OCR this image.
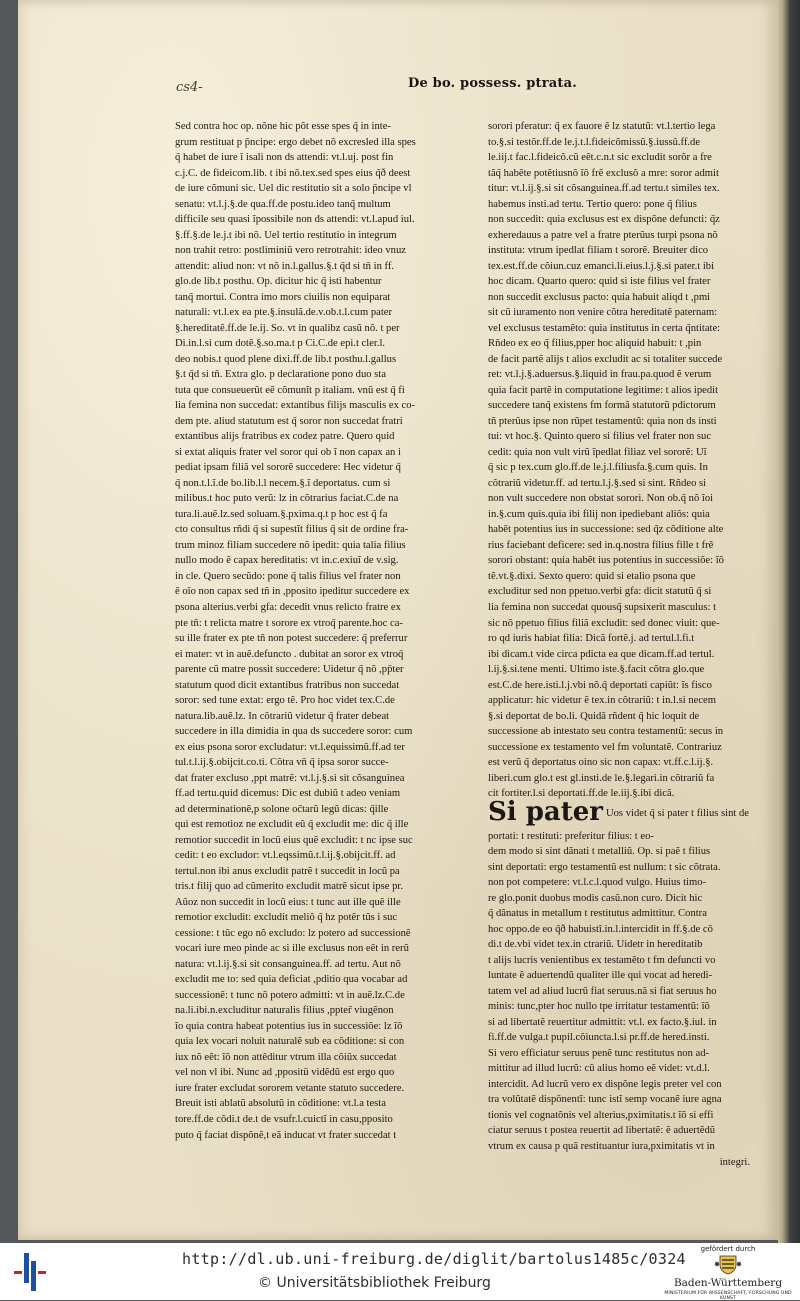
cs4-	De bo. possess. ptrata.

Sed contra hoc op. nõne hic põt esse spes q̃ in inte-

grum restituat p p̃ncipe: ergo debet nõ excresled illa spes

q̃ habet de iure ĩ isali non ds attendi: vt.l.uj. post fin

c.j.C. de fideicom.lib. t ibi nõ.tex.sed spes eius q̃ð deest

de iure cõmuni sic. Uel dic restitutio sit a solo p̃ncipe vl

senatu: vt.l.j.§.de qua.ff.de postu.ideo tanq̃ multum

difficile seu quasi ĩpossibile non ds attendi: vt.l.apud iul.

§.ff.§.de le.j.t ibi nõ. Uel tertio restitutio in integrum

non trahit retro: postliminiũ vero retrotrahit: ideo vnuz

attendit: aliud non: vt nõ in.l.gallus.§.t q̃d si tñ in ff.

glo.de lib.t posthu. Op. dicitur hic q̃ isti habentur

tanq̃ mortui. Contra imo mors ciuilis non equiparat

naturali: vt.l.ex ea pte.§.insulã.de.v.ob.t.l.cum pater

§.hereditatẽ.ff.de le.ij. So. vt in qualibz casũ nõ. t per

Di.in.l.si cum dotẽ.§.so.ma.t p Ci.C.de epi.t cler.l.

deo nobis.t quod plene dixi.ff.de lib.t posthu.l.gallus

§.t q̃d si tñ. Extra glo. p declaratione pono duo sta

tuta que consueuerũt eẽ cõmunĩt p italiam. vnũ est q̃ fi

lia femina non succedat: extantibus filijs masculis ex co-

dem pte. aliud statutum est q̃ soror non succedat fratri

extantibus alijs fratribus ex codez patre. Quero quid

si extat aliquis frater vel soror qui ob ĩ non capax an i

pediat ipsam filiã vel sororẽ succedere: Hec videtur q̃

q̃ non.t.l.ĩ.de bo.lib.l.l necem.§.ĩ deportatus. cum si

milibus.t hoc puto verũ: lz in cõtrarius faciat.C.de na

tura.li.auẽ.lz.sed soluam.§.pxima.q.t p hoc est q̃ fa

cto consultus rñdi q̃ si supestĩt filius q̃ sit de ordine fra-

trum minoz filiam succedere nõ ipedit: quia talia filius

nullo modo ẽ capax hereditatis: vt in.c.exiuĩ de v.sig.

in cle. Quero secũdo: pone q̃ talis filius vel frater non

ẽ oĩo non capax sed tñ in ,pposito ipeditur succedere ex

psona alterius.verbi gfa: decedit vnus relicto fratre ex

pte tñ: t relicta matre t sorore ex vtroq̃ parente.hoc ca-

su ille frater ex pte tñ non potest succedere: q̃ preferrur

ei mater: vt in auẽ.defuncto . dubitat an soror ex vtroq̃

parente cũ matre possit succedere: Uidetur q̃ nõ ,pp̃ter

statutum quod dicit extantibus fratribus non succedat

soror: sed tune extat: ergo tẽ. Pro hoc videt tex.C.de

natura.lib.auẽ.lz. In cõtrariũ videtur q̃ frater debeat

succedere in illa dimidia in qua ds succedere soror: cum

ex eius psona soror excludatur: vt.l.equissimũ.ff.ad ter

tul.t.l.ij.§.obijcit.co.ti. Cõtra vñ q̃ ipsa soror succe-

dat frater excluso ,ppt matrẽ: vt.l.j.§.si sit cõsanguinea

ff.ad tertu.quid dicemus: Dic est dubiũ t adeo veniam

ad determinationẽ,p solone oc̃tarũ legũ dicas: q̃ille

qui est remotioz ne excludit eũ q̃ excludit me: dic q̃ ille

remotior succedit in locũ eius quẽ excludit: t nc ipse suc

cedit: t eo excludor: vt.l.eqssimũ.t.l.ij.§.obijcit.ff. ad

tertul.non ibi anus excludit patrẽ t succedit in locũ pa

tris.t filij quo ad cũmerito excludit matrẽ sicut ipse pr.

Aũoz non succedit in locũ eius: t tunc aut ille quẽ ille

remotior excludit: excludit meliõ q̃ hz potẽr tũs i suc

cessione: t tũc ego nõ excludo: lz potero ad successionẽ

vocari iure meo pinde ac si ille exclusus non eẽt in rerũ

natura: vt.l.ij.§.si sit consanguinea.ff. ad tertu. Aut nõ

excludit me to: sed quia deficiat ,pditio qua vocabar ad

successionẽ: t tunc nõ potero admitti: vt in auẽ.lz.C.de

na.li.ibi.n.excluditur naturalis filius ,ppter̃ viugẽnon

ĩo quia contra habeat potentius ius in successiõe: lz ĩõ

quia lex vocari noluit naturalẽ sub ea cõditione: si con

iux nõ eẽt: ĩõ non attẽditur vtrum illa cõiũx succedat

vel non vl ibi. Nunc ad ,ppositũ vidẽdũ est ergo quo

iure frater excludat sororem vetante statuto succedere.

Breuit isti ablatũ absolutũ in cõditione: vt.l.a testa

tore.ff.de cõdi.t de.t de vsufr.l.cuictĩ in casu,pposito

puto q̃ faciat dispõnẽ,t eã inducat vt frater succedat t

sorori pferatur: q̃ ex fauore ẽ lz statutũ: vt.l.tertio lega

to.§.si testõr.ff.de le.j.t.l.fideicõmissũ.§.iussũ.ff.de

le.iij.t fac.l.fideicõ.cũ eẽt.c.n.t sic excludit sorõr a fre

tãq̃ habẽte potẽtiusnõ ĩõ frẽ exclusõ a mre: soror admit

titur: vt.l.ij.§.si sit cõsanguinea.ff.ad tertu.t similes tex.

habemus insti.ad tertu. Tertio quero: pone q̃ filius

non succedit: quia exclusus est ex dispõne defuncti: q̃z

exheredauus a patre vel a fratre pterũus turpi psona nõ

instituta: vtrum ipedlat filiam t sororẽ. Breuiter dico

tex.est.ff.de cõiun.cuz emanci.li.eius.l.j.§.si pater.t ibi

hoc dicam. Quarto quero: quid si iste filius vel frater

non succedit exclusus pacto: quia habuit aliqd t ,pmi

sit cũ iuramento non venire cõtra hereditatẽ paternam:

vel exclusus testamẽto: quia institutus in certa q̃ntitate:

Rñdeo ex eo q̃ filius,pper hoc aliquid habuit: t ,pin

de facit partẽ alijs t alios excludit ac si totaliter succede

ret: vt.l.j.§.aduersus.§.liquid in frau.pa.quod ẽ verum

quia facit partẽ in computatione legitime: t alios ipedit

succedere tanq̃ existens fm formã statutorũ pdictorum

tñ pterũus ipse non rũpet testamentũ: quia non ds insti

tui: vt hoc.§. Quinto quero si filius vel frater non suc

cedit: quia non vult virũ ĩpedlat filiaz vel sororẽ: Uĩ

q̃ sic p tex.cum glo.ff.de le.j.l.filiusfa.§.cum quis. In

cõtrariũ videtur.ff. ad tertu.l.j.§.sed si sint. Rñdeo si

non vult succedere non obstat sorori. Non ob.q̃ nõ ĩoi

in.§.cum quis.quia ibi filij non ipediebant aliõs: quia

habẽt potentius ius in successione: sed q̃z cõditione alte

rius faciebant deficere: sed in.q.nostra filius fille t frẽ

sorori obstant: quia habẽt ius potentius in successiõe: ĩõ

tẽ.vt.§.dixi. Sexto quero: quid si etalio psona que

excluditur sed non ppetuo.verbi gfa: dicit statutũ q̃ si

lia femina non succedat quousq̃ supsixerit masculus: t

sic nõ ppetuo filius filiã excludit: sed donec viuit: que-

ro qd iuris habiat filia: Dicã fortẽ.j. ad tertul.l.fi.t

ibi dicam.t vide circa pdicta ea que dicam.ff.ad tertul.

l.ij.§.si.tene menti. Ultimo iste.§.facit cõtra glo.que

est.C.de here.isti.l.j.vbi nõ.q̃ deportati capiũt: ĩs fisco

applicatur: hic videtur ẽ tex.in cõtrariũ: t in.l.si necem

§.si deportat de bo.li. Quidã rñdent q̃ hic loquit de

successione ab intestato seu contra testamentũ: secus in

successione ex testamento vel fm voluntatẽ. Contrariuz

est verũ q̃ deportatus oino sic non capax: vt.ff.c.l.ij.§.

liberi.cum glo.t est gl.insti.de le.§.legari.in cõtrariũ fa

cit fortiter.l.si deportati.ff.de le.iij.§.ibi dicã.

Si pater Uos videt q̃ si pater t filius sint de

portati: t restituti: preferitur filius: t eo-

dem modo si sint dãnati t metalliũ. Op. si paẽ t filius

sint deportati: ergo testamentũ est nullum: t sic cõtrata.

non pot competere: vt.l.c.l.quod vulgo. Huius timo-

re glo.ponit duobus modis casũ.non curo. Dicit hic

q̃ dãnatus in metallum t restitutus admittitur. Contra

hoc oppo.de eo q̃ð habuistĩ.in.l.intercidit in ff.§.de cõ

di.t de.vbi videt tex.in ctrariũ. Uidetr in hereditatib

t alijs lucris venientibus ex testamẽto t fm defuncti vo

luntate ẽ aduertendũ qualiter ille qui vocat ad heredi-

tatem vel ad aliud lucrũ fiat seruus.nã si fiat seruus ho

minis: tunc,pter hoc nullo tpe irritatur testamentũ: ĩõ

si ad libertatẽ reuertitur admittit: vt.l. ex facto.§.iul. in

fi.ff.de vulga.t pupil.cõiuncta.l.si pr.ff.de hered.insti.

Si vero efficiatur seruus penẽ tunc restitutus non ad-

mittitur ad illud lucrũ: cũ alius homo eẽ videt: vt.d.l.

intercidit. Ad lucrũ vero ex dispõne legis preter vel con

tra volũtatẽ dispõnentĩ: tunc istĩ semp vocanẽ iure agna

tionis vel cognatõnis vel alterius,pximitatis.t ĩõ si effi

ciatur seruus t postea reuertit ad libertatẽ: ẽ aduertẽdũ

vtrum ex causa p quã restituantur iura,pximitatis vt in

integri.

http://dl.ub.uni-freiburg.de/diglit/bartolus1485c/0324
© Universitätsbibliothek Freiburg
gefördert durch
Baden-Württemberg
MINISTERIUM FÜR WISSENSCHAFT, FORSCHUNG UND KUNST
